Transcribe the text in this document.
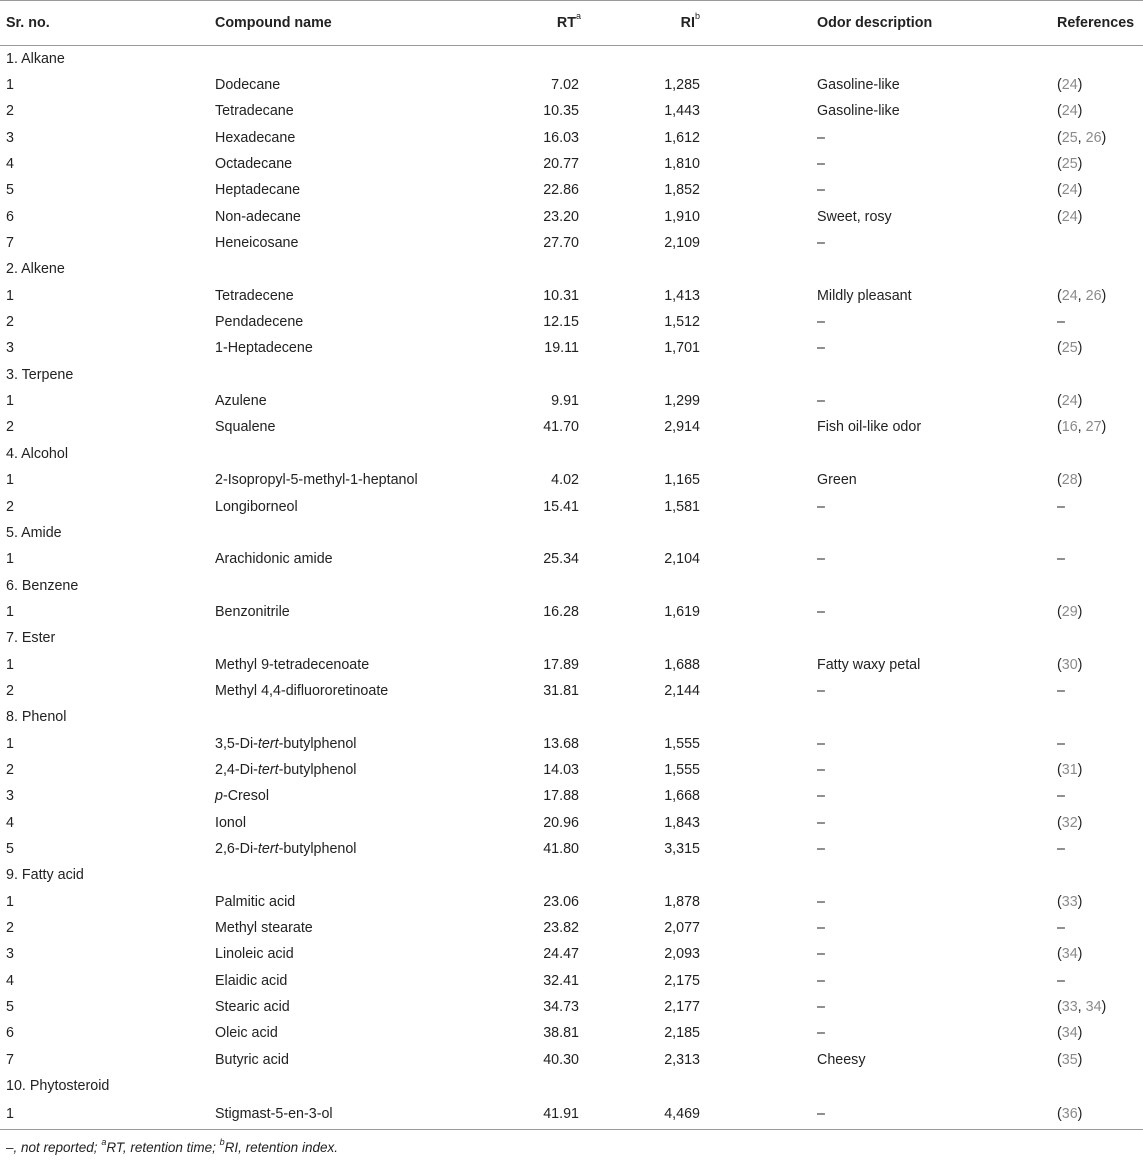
Sr. no.	Compound name	$RT^a$	$RI^b$	Odor description	References
1. Alkane					
1	Dodecane	7.02	1,285	Gasoline-like	(24)
2	Tetradecane	10.35	1,443	Gasoline-like	(24)
3	Hexadecane	16.03	1,612	–	(25, 26)
4	Octadecane	20.77	1,810	–	(25)
5	Heptadecane	22.86	1,852	–	(24)
6	Non-adecane	23.20	1,910	Sweet, rosy	(24)
7	Heneicosane	27.70	2,109	–	
2. Alkene					
1	Tetradecene	10.31	1,413	Mildly pleasant	(24, 26)
2	Pendadecene	12.15	1,512	–	–
3	1-Heptadecene	19.11	1,701	–	(25)
3. Terpene					
1	Azulene	9.91	1,299	–	(24)
2	Squalene	41.70	2,914	Fish oil-like odor	(16, 27)
4. Alcohol					
1	2-Isopropyl-5-methyl-1-heptanol	4.02	1,165	Green	(28)
2	Longiborneol	15.41	1,581	–	–
5. Amide					
1	Arachidonic amide	25.34	2,104	–	–
6. Benzene					
1	Benzonitrile	16.28	1,619	–	(29)
7. Ester					
1	Methyl 9-tetradecenoate	17.89	1,688	Fatty waxy petal	(30)
2	Methyl 4,4-difluororetinoate	31.81	2,144	–	–
8. Phenol					
1	3,5-Di-tert-butylphenol	13.68	1,555	–	–
2	2,4-Di-tert-butylphenol	14.03	1,555	–	(31)
3	p-Cresol	17.88	1,668	–	–
4	Ionol	20.96	1,843	–	(32)
5	2,6-Di-tert-butylphenol	41.80	3,315	–	–
9. Fatty acid					
1	Palmitic acid	23.06	1,878	–	(33)
2	Methyl stearate	23.82	2,077	–	–
3	Linoleic acid	24.47	2,093	–	(34)
4	Elaidic acid	32.41	2,175	–	–
5	Stearic acid	34.73	2,177	–	(33, 34)
6	Oleic acid	38.81	2,185	–	(34)
7	Butyric acid	40.30	2,313	Cheesy	(35)
10. Phytosteroid					
1	Stigmast-5-en-3-ol	41.91	4,469	–	(36)
–, not reported; $^a$RT, retention time; $^b$RI, retention index.
